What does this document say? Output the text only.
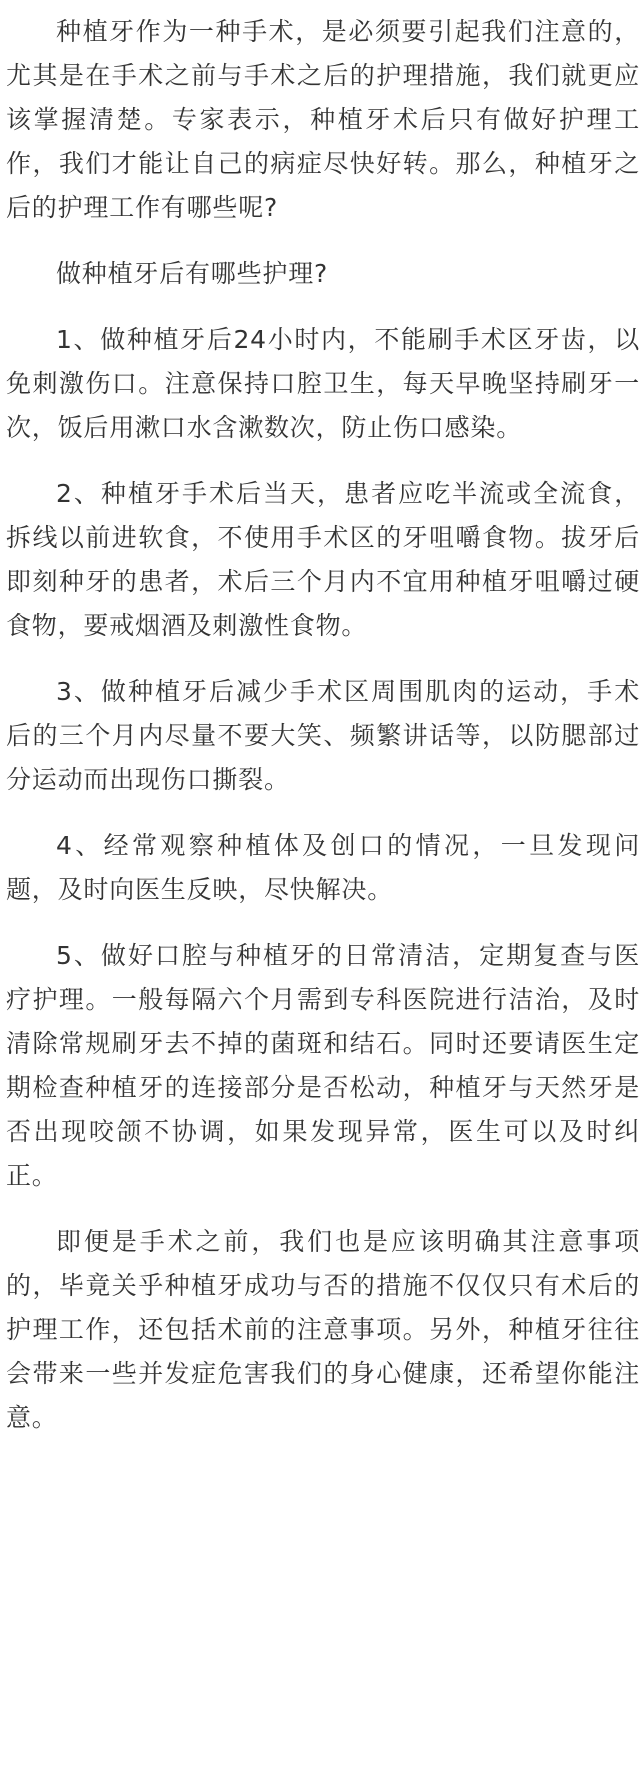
种植牙作为一种手术，是必须要引起我们注意的，尤其是在手术之前与手术之后的护理措施，我们就更应该掌握清楚。专家表示，种植牙术后只有做好护理工作，我们才能让自己的病症尽快好转。那么，种植牙之后的护理工作有哪些呢?

做种植牙后有哪些护理?

1、做种植牙后24小时内，不能刷手术区牙齿，以免刺激伤口。注意保持口腔卫生，每天早晚坚持刷牙一次，饭后用漱口水含漱数次，防止伤口感染。

2、种植牙手术后当天，患者应吃半流或全流食，拆线以前进软食，不使用手术区的牙咀嚼食物。拔牙后即刻种牙的患者，术后三个月内不宜用种植牙咀嚼过硬食物，要戒烟酒及刺激性食物。

3、做种植牙后减少手术区周围肌肉的运动，手术后的三个月内尽量不要大笑、频繁讲话等，以防腮部过分运动而出现伤口撕裂。

4、经常观察种植体及创口的情况，一旦发现问题，及时向医生反映，尽快解决。

5、做好口腔与种植牙的日常清洁，定期复查与医疗护理。一般每隔六个月需到专科医院进行洁治，及时清除常规刷牙去不掉的菌斑和结石。同时还要请医生定期检查种植牙的连接部分是否松动，种植牙与天然牙是否出现咬颌不协调，如果发现异常，医生可以及时纠正。

即便是手术之前，我们也是应该明确其注意事项的，毕竟关乎种植牙成功与否的措施不仅仅只有术后的护理工作，还包括术前的注意事项。另外，种植牙往往会带来一些并发症危害我们的身心健康，还希望你能注意。
